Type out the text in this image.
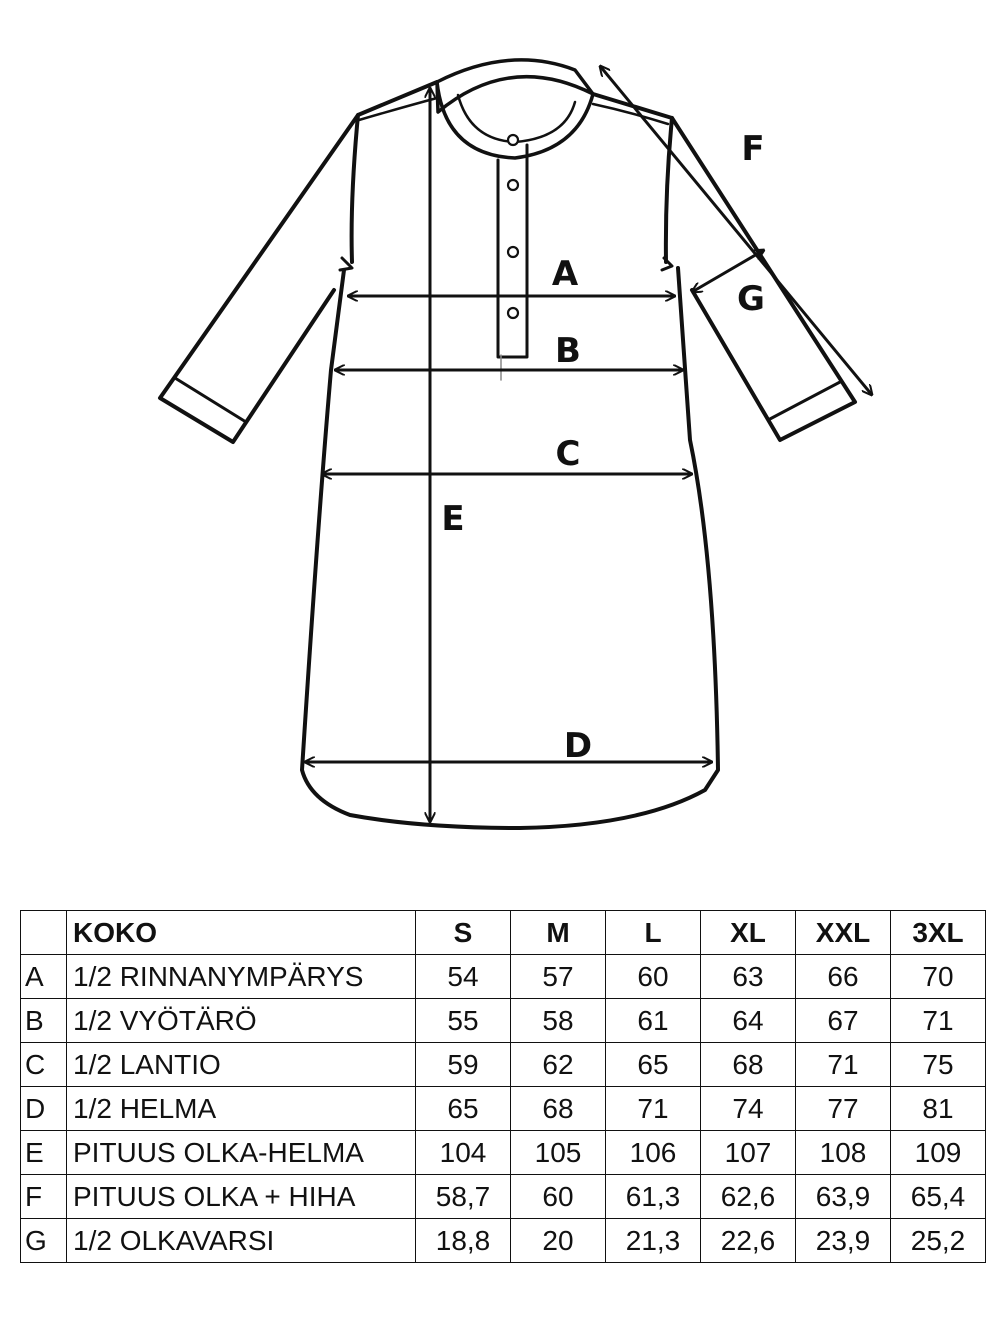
A
B
C
D
E
F
G
	KOKO	S	M	L	XL	XXL	3XL
A	1/2 RINNANYMPÄRYS	54	57	60	63	66	70
B	1/2 VYÖTÄRÖ	55	58	61	64	67	71
C	1/2 LANTIO	59	62	65	68	71	75
D	1/2 HELMA	65	68	71	74	77	81
E	PITUUS OLKA-HELMA	104	105	106	107	108	109
F	PITUUS OLKA + HIHA	58,7	60	61,3	62,6	63,9	65,4
G	1/2 OLKAVARSI	18,8	20	21,3	22,6	23,9	25,2
